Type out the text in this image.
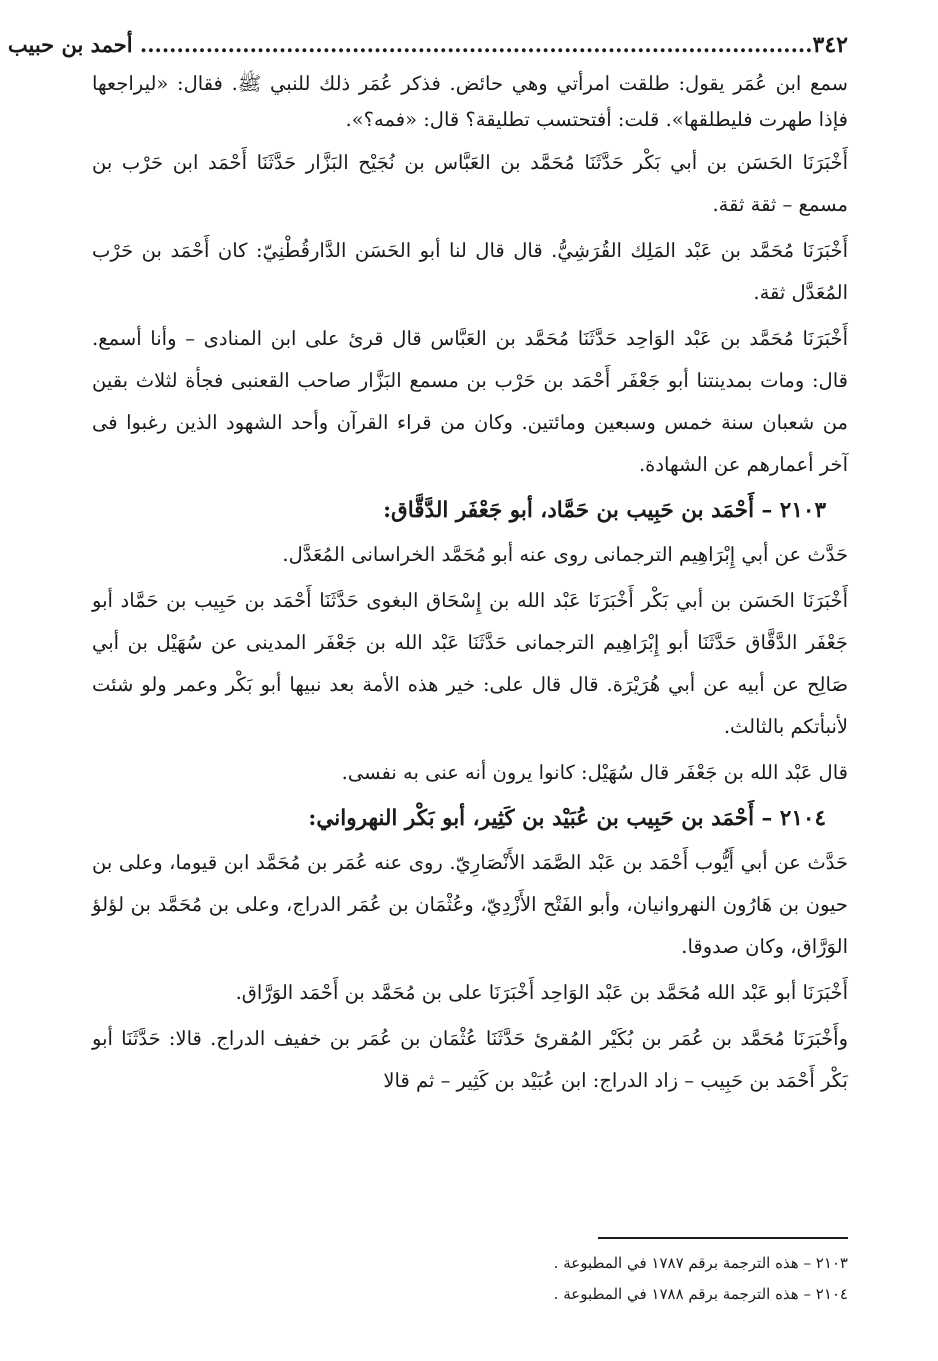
٣٤٢
............................................................................................ أحمد بن حبيب

سمع ابن عُمَر يقول: طلقت امرأتي وهي حائض. فذكر عُمَر ذلك للنبي ﷺ. فقال: «ليراجعها فإذا طهرت فليطلقها». قلت: أفتحتسب تطليقة؟ قال: «فمه؟».

أَخْبَرَنَا الحَسَن بن أبي بَكْر حَدَّثَنَا مُحَمَّد بن العَبَّاس بن نُجَيْح البَزَّار حَدَّثَنَا أَحْمَد ابن حَرْب بن مسمع – ثقة ثقة.

أَخْبَرَنَا مُحَمَّد بن عَبْد المَلِك القُرَشِيُّ. قال قال لنا أبو الحَسَن الدَّارقُطْنِيّ: كان أَحْمَد بن حَرْب المُعَدَّل ثقة.

أَخْبَرَنَا مُحَمَّد بن عَبْد الوَاحِد حَدَّثَنَا مُحَمَّد بن العَبَّاس قال قرئ على ابن المنادى – وأنا أسمع. قال: ومات بمدينتنا أبو جَعْفَر أَحْمَد بن حَرْب بن مسمع البَزَّار صاحب القعنبى فجأة لثلاث بقين من شعبان سنة خمس وسبعين ومائتين. وكان من قراء القرآن وأحد الشهود الذين رغبوا فى آخر أعمارهم عن الشهادة.

٢١٠٣ – أَحْمَد بن حَبِيب بن حَمَّاد، أبو جَعْفَر الدَّقَّاق:

حَدَّث عن أبي إِبْرَاهِيم الترجمانى روى عنه أبو مُحَمَّد الخراسانى المُعَدَّل.

أَخْبَرَنَا الحَسَن بن أبي بَكْر أَخْبَرَنَا عَبْد الله بن إِسْحَاق البغوى حَدَّثَنَا أَحْمَد بن حَبِيب بن حَمَّاد أبو جَعْفَر الدَّقَّاق حَدَّثَنَا أبو إِبْرَاهِيم الترجمانى حَدَّثَنَا عَبْد الله بن جَعْفَر المدينى عن سُهَيْل بن أبي صَالِح عن أبيه عن أبي هُرَيْرَة. قال قال على: خير هذه الأمة بعد نبيها أبو بَكْر وعمر ولو شئت لأنبأتكم بالثالث.

قال عَبْد الله بن جَعْفَر قال سُهَيْل: كانوا يرون أنه عنى به نفسى.

٢١٠٤ – أَحْمَد بن حَبِيب بن عُبَيْد بن كَثِير، أبو بَكْر النهرواني:

حَدَّث عن أبي أَيُّوب أَحْمَد بن عَبْد الصَّمَد الأَنْصَارِيّ. روى عنه عُمَر بن مُحَمَّد ابن قيوما، وعلى بن حيون بن هَارُون النهروانيان، وأبو الفَتْح الأَزْدِيّ، وعُثْمَان بن عُمَر الدراج، وعلى بن مُحَمَّد بن لؤلؤ الوَرَّاق، وكان صدوقا.

أَخْبَرَنَا أبو عَبْد الله مُحَمَّد بن عَبْد الوَاحِد أَخْبَرَنَا على بن مُحَمَّد بن أَحْمَد الوَرَّاق.

وأَخْبَرَنَا مُحَمَّد بن عُمَر بن بُكَيْر المُقرئ حَدَّثَنَا عُثْمَان بن عُمَر بن خفيف الدراج. قالا: حَدَّثَنَا أبو بَكْر أَحْمَد بن حَبِيب – زاد الدراج: ابن عُبَيْد بن كَثِير – ثم قالا

٢١٠٣ – هذه الترجمة برقم ١٧٨٧ في المطبوعة .

٢١٠٤ – هذه الترجمة برقم ١٧٨٨ في المطبوعة .
